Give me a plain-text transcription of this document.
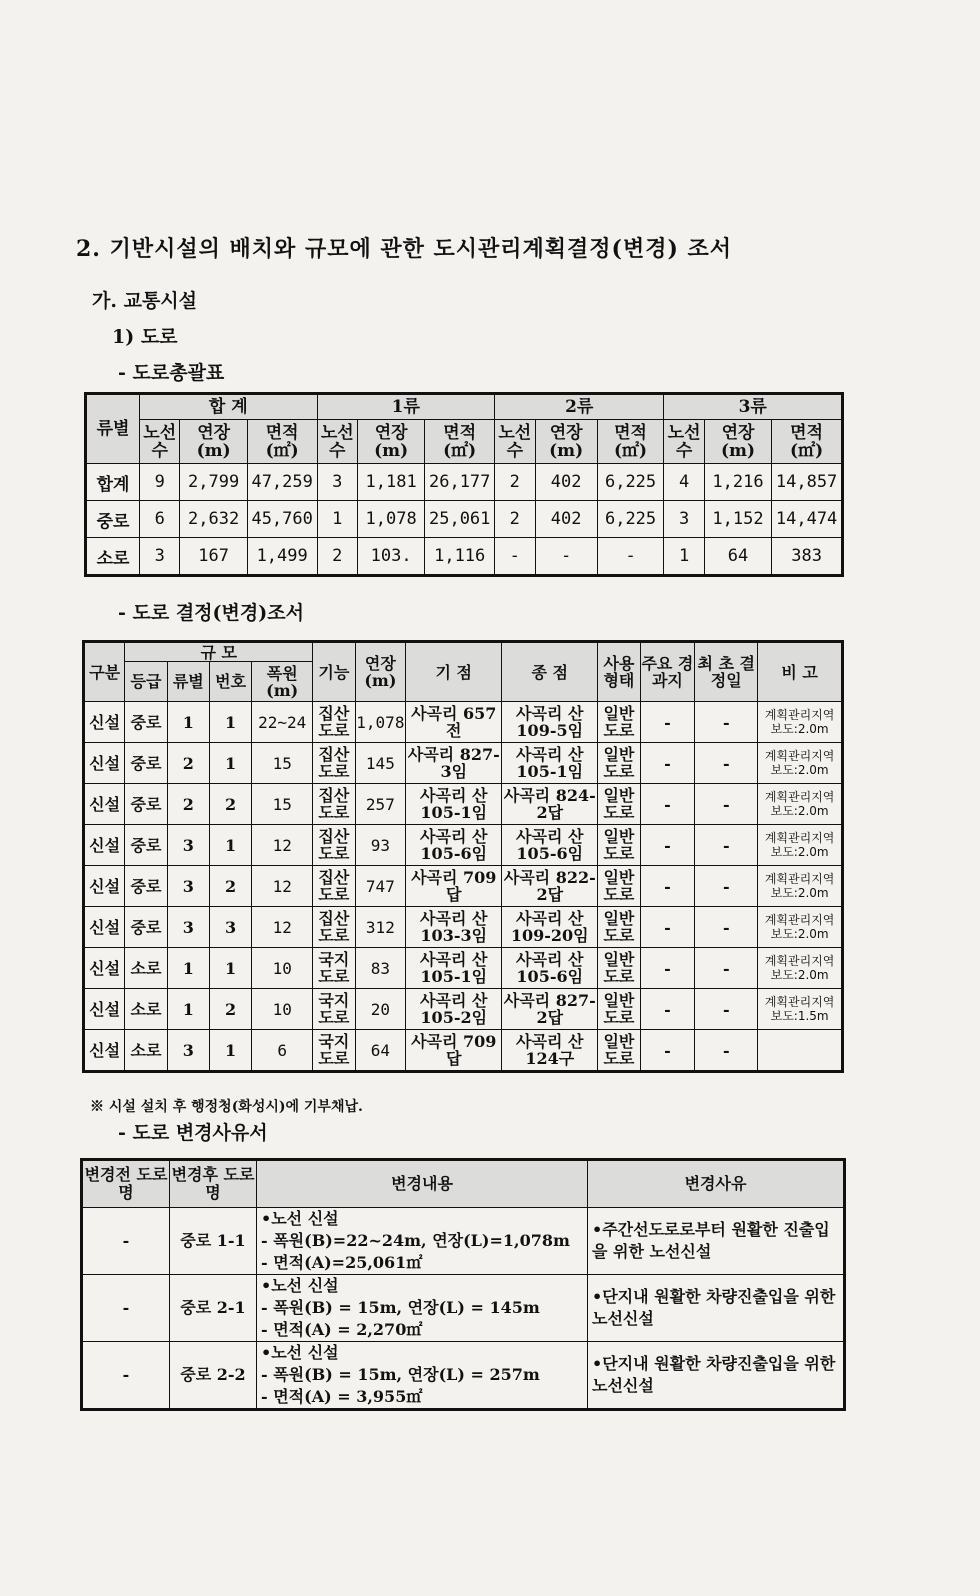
2. 기반시설의 배치와 규모에 관한 도시관리계획결정(변경) 조서
가. 교통시설
1) 도로
- 도로총괄표
류별	합 계			1류			2류			3류		
	노선수	연장 (m)	면적 (㎡)	노선수	연장 (m)	면적 (㎡)	노선수	연장 (m)	면적 (㎡)	노선수	연장 (m)	면적 (㎡)
합계	9	2,799	47,259	3	1,181	26,177	2	402	6,225	4	1,216	14,857
중로	6	2,632	45,760	1	1,078	25,061	2	402	6,225	3	1,152	14,474
소로	3	167	1,499	2	103.	1,116	-	-	-	1	64	383
- 도로 결정(변경)조서
구분	규 모				기능	연장 (m)	기 점	종 점	사용 형태	주요 경과지	최 초 결정일	비 고
	등급	류별	번호	폭원 (m)								
신설	중로	1	1	22~24	집산 도로	1,078	사곡리 657전	사곡리 산109-5임	일반 도로	-	-	계획관리지역 보도:2.0m
신설	중로	2	1	15	집산 도로	145	사곡리 827-3임	사곡리 산105-1임	일반 도로	-	-	계획관리지역 보도:2.0m
신설	중로	2	2	15	집산 도로	257	사곡리 산105-1임	사곡리 824-2답	일반 도로	-	-	계획관리지역 보도:2.0m
신설	중로	3	1	12	집산 도로	93	사곡리 산105-6임	사곡리 산105-6임	일반 도로	-	-	계획관리지역 보도:2.0m
신설	중로	3	2	12	집산 도로	747	사곡리 709답	사곡리 822-2답	일반 도로	-	-	계획관리지역 보도:2.0m
신설	중로	3	3	12	집산 도로	312	사곡리 산103-3임	사곡리 산109-20임	일반 도로	-	-	계획관리지역 보도:2.0m
신설	소로	1	1	10	국지 도로	83	사곡리 산105-1임	사곡리 산105-6임	일반 도로	-	-	계획관리지역 보도:2.0m
신설	소로	1	2	10	국지 도로	20	사곡리 산105-2임	사곡리 827-2답	일반 도로	-	-	계획관리지역 보도:1.5m
신설	소로	3	1	6	국지 도로	64	사곡리 709답	사곡리 산124구	일반 도로	-	-	
※ 시설 설치 후 행정청(화성시)에 기부채납.
- 도로 변경사유서
변경전 도로명	변경후 도로명	변경내용	변경사유
-	중로 1-1	•노선 신설
- 폭원(B)=22~24m, 연장(L)=1,078m
- 면적(A)=25,061㎡	•주간선도로로부터 원활한 진출입을 위한 노선신설
-	중로 2-1	•노선 신설
- 폭원(B) = 15m, 연장(L) = 145m
- 면적(A) = 2,270㎡	•단지내 원활한 차량진출입을 위한 노선신설
-	중로 2-2	•노선 신설
- 폭원(B) = 15m, 연장(L) = 257m
- 면적(A) = 3,955㎡	•단지내 원활한 차량진출입을 위한 노선신설
